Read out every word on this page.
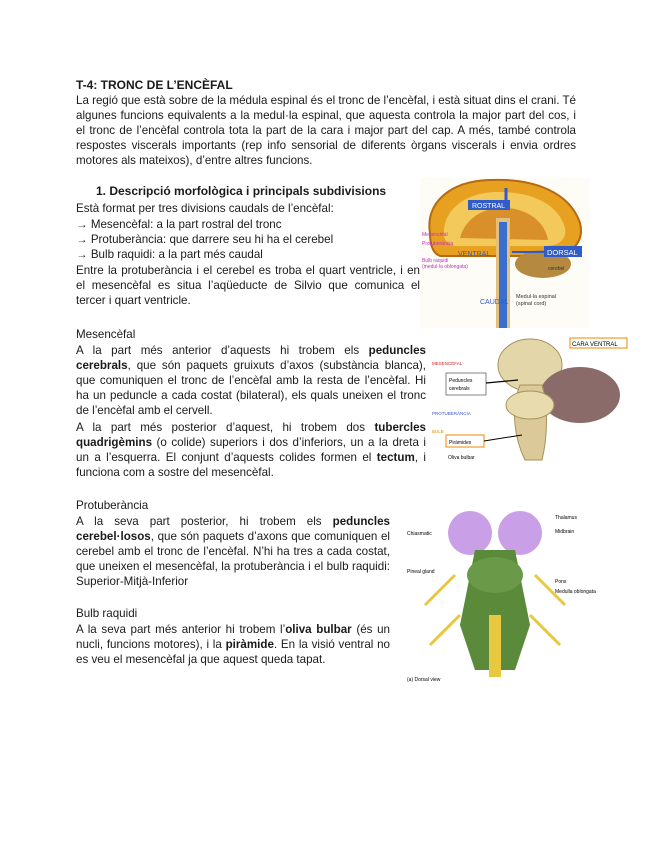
T-4: TRONC DE L’ENCÈFAL
La regió que està sobre de la médula espinal és el tronc de l’encèfal, i està situat dins el crani. Té algunes funcions equivalents a la medul·la espinal, que aquesta controla la major part del cos, i el tronc de l’encèfal controla tota la part de la cara i major part del cap. A més, també controla respostes viscerals importants (rep info sensorial de diferents òrgans viscerals i envia ordres motores als mateixos), d’entre altres funcions.
1. Descripció morfològica i principals subdivisions
Està format per tres divisions caudals de l’encèfal:
→ Mesencèfal: a la part rostral del tronc
→ Protuberància: que darrere seu hi ha el cerebel
→ Bulb raquidi: a la part més caudal
Entre la protuberància i el cerebel es troba el quart ventricle, i en el mesencèfal es situa l’aqüeducte de Silvio que comunica el tercer i quart ventricle.
Mesencèfal
A la part més anterior d’aquests hi trobem els peduncles cerebrals, que són paquets gruixuts d’axos (substància blanca), que comuniquen el tronc de l’encèfal amb la resta de l’encèfal. Hi ha un peduncle a cada costat (bilateral), els quals uneixen el tronc de l’encèfal amb el cervell.
A la part més posterior d’aquest, hi trobem dos tubercles quadrigèmins (o colide) superiors i dos d’inferiors, un a la dreta i un a l’esquerra. El conjunt d’aquests colides formen el tectum, i funciona com a sostre del mesencèfal.
Protuberància
A la seva part posterior, hi trobem els peduncles cerebel·losos, que són paquets d’axons que comuniquen el cerebel amb el tronc de l’encèfal. N’hi ha tres a cada costat, que uneixen el mesencèfal, la protuberància i el bulb raquidi: Superior-Mitjà-Inferior
Bulb raquidi
A la seva part més anterior hi trobem l’oliva bulbar (és un nucli, funcions motores), i la piràmide. En la visió ventral no es veu el mesencèfal ja que aquest queda tapat.
ROSTRAL
DORSAL
VENTRAL
Mesencèfal
Protuberància
Bulb raquidi
(medul·la oblongata)	cerebel
CAUDAL
Medul·la espinal
(spinal cord)
CARA VENTRAL
MESENCÈFAL
Peduncles
cerebrals
PROTUBERÀNCIA
BULB
Piràmides
Oliva bulbar
Thalamus
Midbrain
Chiasmatic
Pineal gland
Pons
Medulla oblongata
(a) Dorsal view
